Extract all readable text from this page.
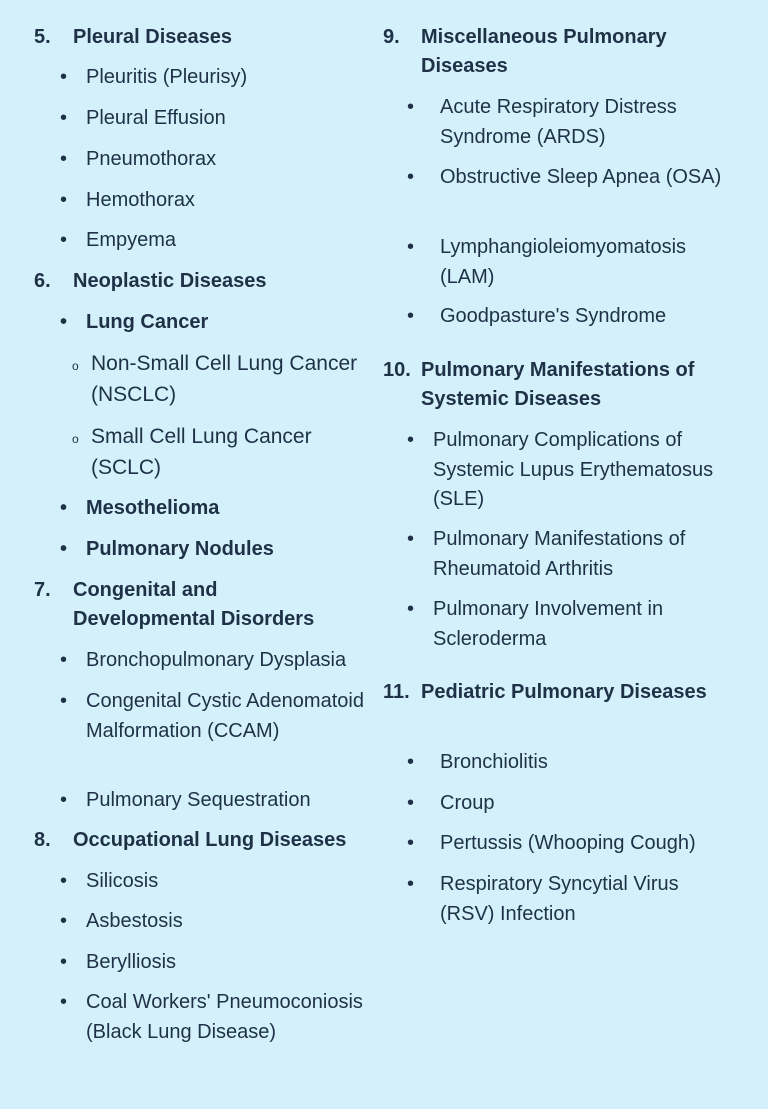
5.	Pleural Diseases
• Pleuritis (Pleurisy)
• Pleural Effusion
• Pneumothorax
• Hemothorax
• Empyema
6.	Neoplastic Diseases
• Lung Cancer
o Non-Small Cell Lung Cancer (NSCLC)
o Small Cell Lung Cancer (SCLC)
• Mesothelioma
• Pulmonary Nodules
7.	Congenital and Developmental Disorders
• Bronchopulmonary Dysplasia
• Congenital Cystic Adenomatoid Malformation (CCAM)
• Pulmonary Sequestration
8.	Occupational Lung Diseases
• Silicosis
• Asbestosis
• Berylliosis
• Coal Workers' Pneumoconiosis (Black Lung Disease)
9.	Miscellaneous Pulmonary Diseases
•	Acute Respiratory Distress Syndrome (ARDS)
•	Obstructive Sleep Apnea (OSA)
•	Lymphangioleiomyomatosis (LAM)
•	Goodpasture's Syndrome
10. Pulmonary Manifestations of Systemic Diseases
• Pulmonary Complications of Systemic Lupus Erythematosus (SLE)
• Pulmonary Manifestations of Rheumatoid Arthritis
• Pulmonary Involvement in Scleroderma
11. Pediatric Pulmonary Diseases
•	Bronchiolitis
•	Croup
•	Pertussis (Whooping Cough)
•	Respiratory Syncytial Virus (RSV) Infection
